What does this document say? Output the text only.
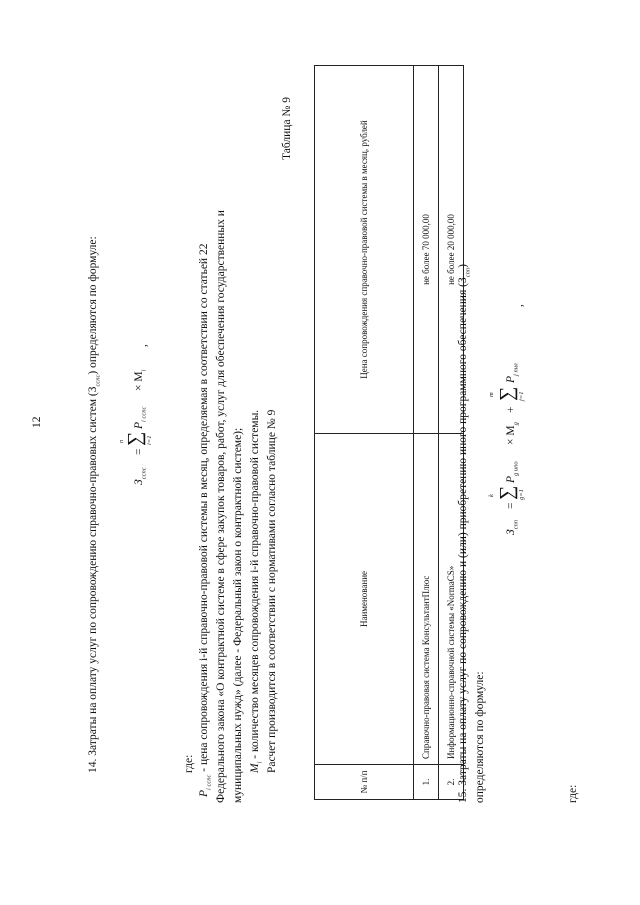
12	14. Затраты на оплату услуг по сопровождению справочно-правовых систем $(З_{сспс})$ определяются по формуле:
$З_{сспс}$
=
n ∑ i=1
$P_{i сспс}$
× $M_i$
,
где:
$P_{i сспс}$ - цена сопровождения i-й справочно-правовой системы в месяц, определяемая в соответствии со статьей 22 Федерального закона «О контрактной системе в сфере закупок товаров, работ, услуг для обеспечения государственных и муниципальных нужд» (далее - Федеральный закон о контрактной системе); $M_i$ - количество месяцев сопровождения i-й справочно-правовой системы. Расчет производится в соответствии с нормативами согласно таблице № 9
Таблица № 9
№ п/п	Наименование	Цена сопровождения справочно-правовой системы в месяц, рублей
1.	Справочно-правовая система КонсультантПлюс	не более 70 000,00
2.	Информационно-справочной системы «NormaCS»	не более 20 000,00
15. Затраты на оплату услуг по сопровождению и (или) приобретению иного программного обеспечения $(З_{спп})$
определяются по формуле:
$З_{спп}$
=
k ∑ g=1
$P_{g ипо}$
× $M_g$
+
m ∑ j=1
$P_{j пнл}$
,
где:
